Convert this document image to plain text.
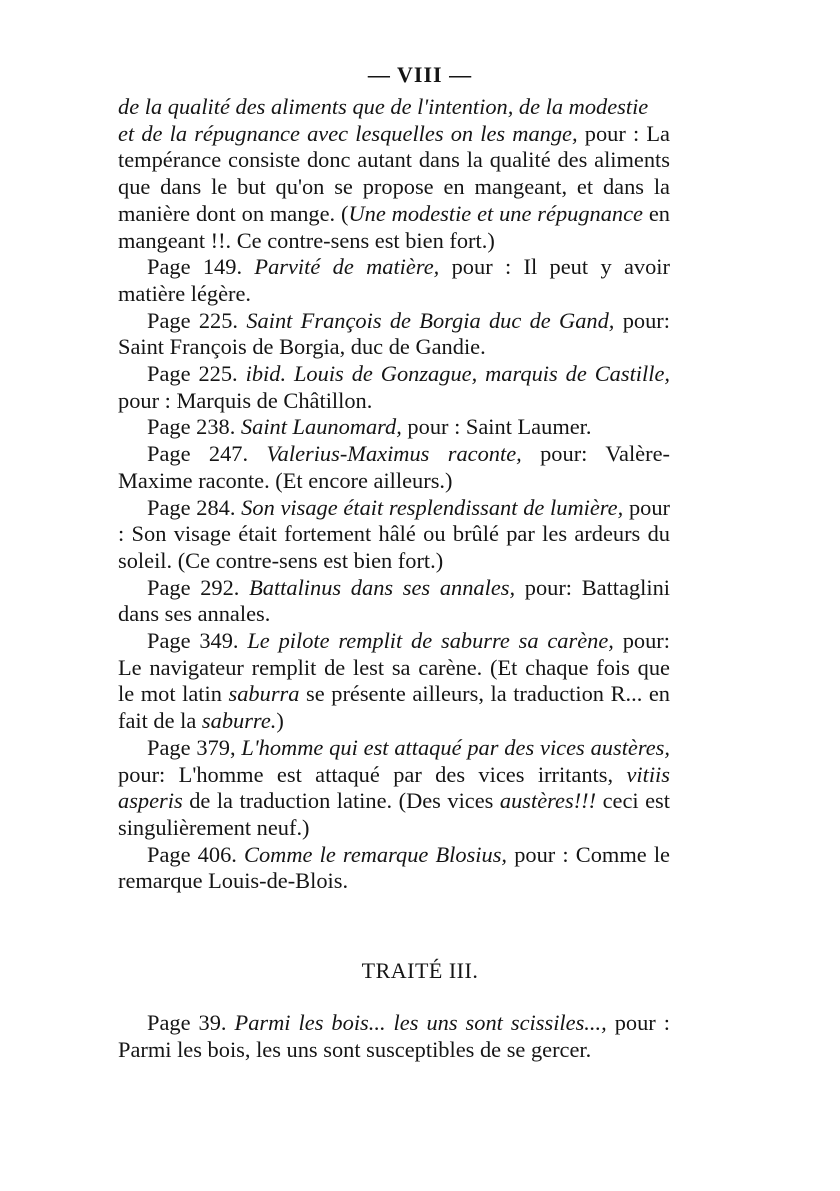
— VIII —

de la qualité des aliments que de l'intention, de la modestie
et de la répugnance avec lesquelles on les mange, pour : La tempérance consiste donc autant dans la qualité des aliments que dans le but qu'on se propose en mangeant, et dans la manière dont on mange. (Une modestie et une répugnance en mangeant !!. Ce contre-sens est bien fort.)

Page 149. Parvité de matière, pour : Il peut y avoir matière légère.

Page 225. Saint François de Borgia duc de Gand, pour: Saint François de Borgia, duc de Gandie.

Page 225. ibid. Louis de Gonzague, marquis de Castille, pour : Marquis de Châtillon.

Page 238. Saint Launomard, pour : Saint Laumer.

Page 247. Valerius-Maximus raconte, pour: Valère-Maxime raconte. (Et encore ailleurs.)

Page 284. Son visage était resplendissant de lumière, pour : Son visage était fortement hâlé ou brûlé par les ardeurs du soleil. (Ce contre-sens est bien fort.)

Page 292. Battalinus dans ses annales, pour: Battaglini dans ses annales.

Page 349. Le pilote remplit de saburre sa carène, pour: Le navigateur remplit de lest sa carène. (Et chaque fois que le mot latin saburra se présente ailleurs, la traduction R... en fait de la saburre.)

Page 379, L'homme qui est attaqué par des vices austères, pour: L'homme est attaqué par des vices irritants, vitiis asperis de la traduction latine. (Des vices austères!!! ceci est singulièrement neuf.)

Page 406. Comme le remarque Blosius, pour : Comme le remarque Louis-de-Blois.

TRAITÉ III.

Page 39. Parmi les bois... les uns sont scissiles..., pour : Parmi les bois, les uns sont susceptibles de se gercer.
